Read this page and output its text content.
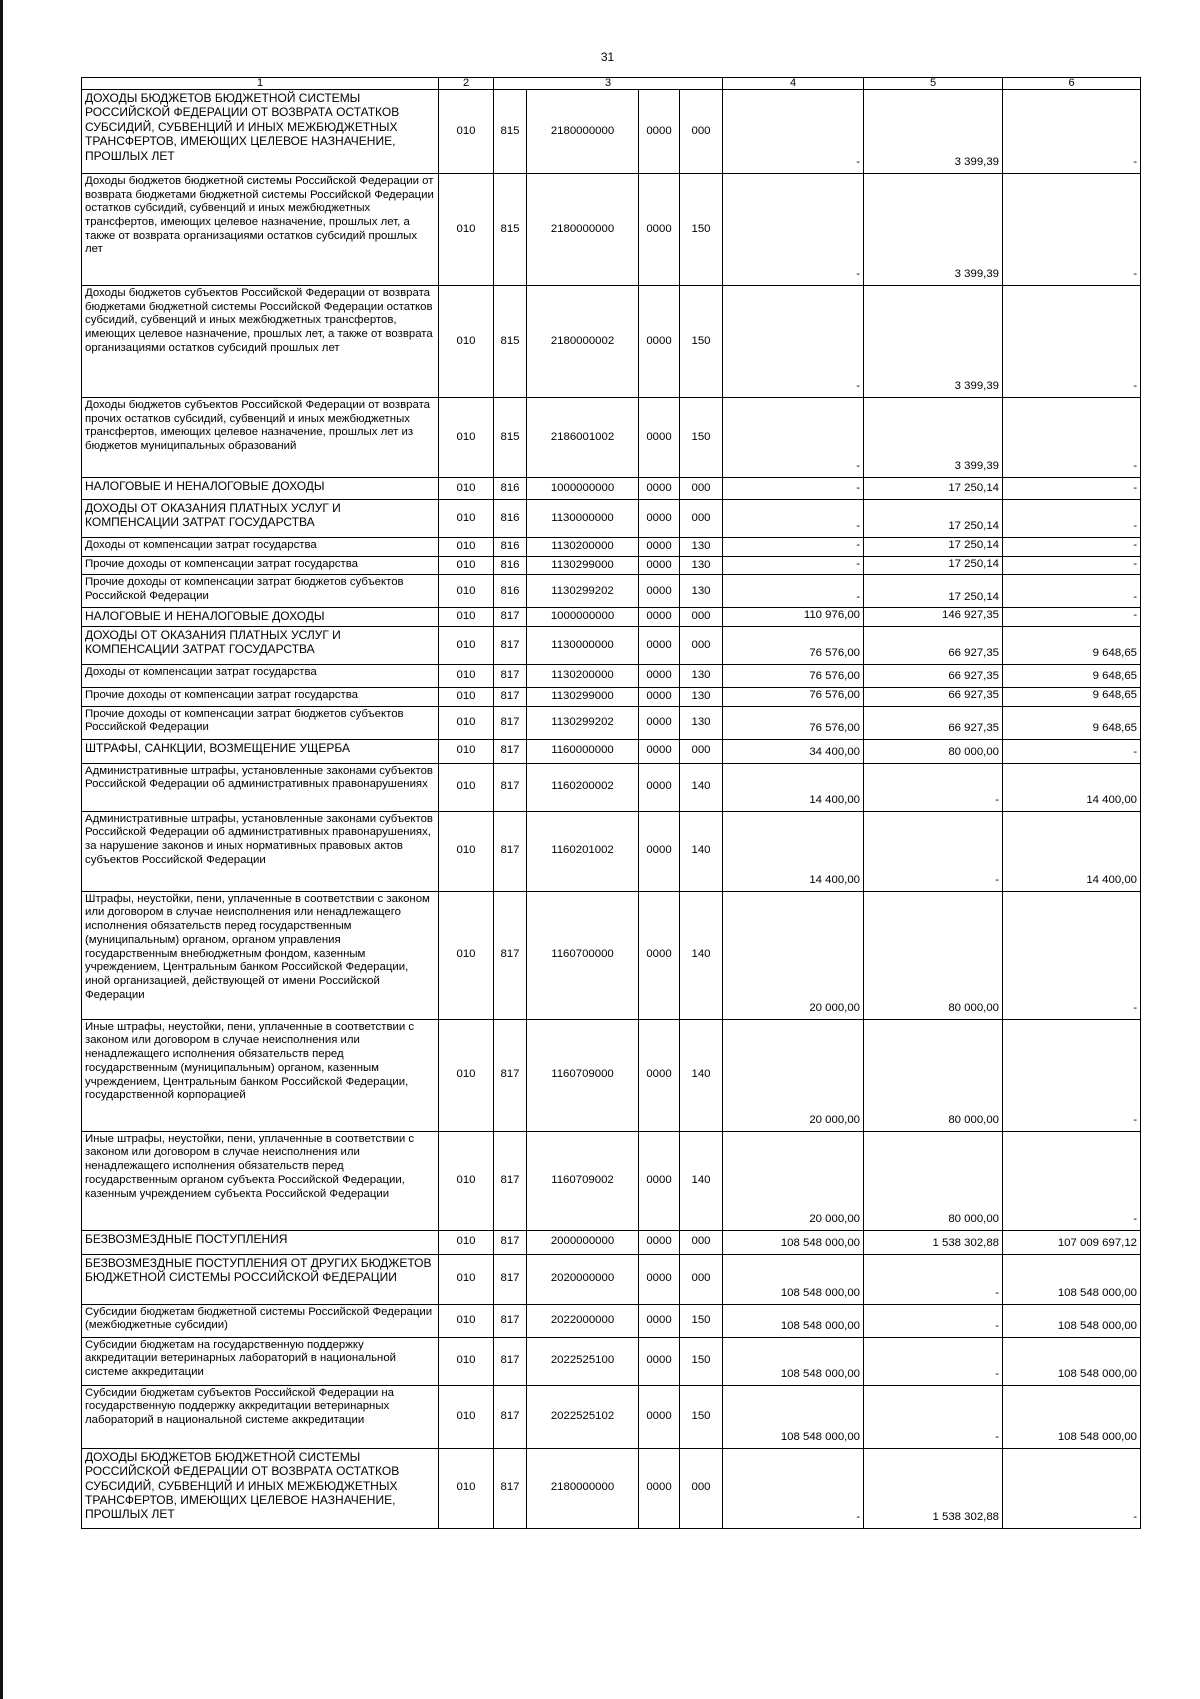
31
1	2	3				4	5	6
ДОХОДЫ БЮДЖЕТОВ БЮДЖЕТНОЙ СИСТЕМЫ РОССИЙСКОЙ ФЕДЕРАЦИИ ОТ ВОЗВРАТА ОСТАТКОВ СУБСИДИЙ, СУБВЕНЦИЙ И ИНЫХ МЕЖБЮДЖЕТНЫХ ТРАНСФЕРТОВ, ИМЕЮЩИХ ЦЕЛЕВОЕ НАЗНАЧЕНИЕ, ПРОШЛЫХ ЛЕТ	010	815	2180000000	0000	000	-	3 399,39	-
Доходы бюджетов бюджетной системы Российской Федерации от возврата бюджетами бюджетной системы Российской Федерации остатков субсидий, субвенций и иных межбюджетных трансфертов, имеющих целевое назначение, прошлых лет, а также от возврата организациями остатков субсидий прошлых лет	010	815	2180000000	0000	150	-	3 399,39	-
Доходы бюджетов субъектов Российской Федерации от возврата бюджетами бюджетной системы Российской Федерации остатков субсидий, субвенций и иных межбюджетных трансфертов, имеющих целевое назначение, прошлых лет, а также от возврата организациями остатков субсидий прошлых лет	010	815	2180000002	0000	150	-	3 399,39	-
Доходы бюджетов субъектов Российской Федерации от возврата прочих остатков субсидий, субвенций и иных межбюджетных трансфертов, имеющих целевое назначение, прошлых лет из бюджетов муниципальных образований	010	815	2186001002	0000	150	-	3 399,39	-
НАЛОГОВЫЕ И НЕНАЛОГОВЫЕ ДОХОДЫ	010	816	1000000000	0000	000	-	17 250,14	-
ДОХОДЫ ОТ ОКАЗАНИЯ ПЛАТНЫХ УСЛУГ И КОМПЕНСАЦИИ ЗАТРАТ ГОСУДАРСТВА	010	816	1130000000	0000	000	-	17 250,14	-
Доходы от компенсации затрат государства	010	816	1130200000	0000	130	-	17 250,14	-
Прочие доходы от компенсации затрат государства	010	816	1130299000	0000	130	-	17 250,14	-
Прочие доходы от компенсации затрат бюджетов субъектов Российской Федерации	010	816	1130299202	0000	130	-	17 250,14	-
НАЛОГОВЫЕ И НЕНАЛОГОВЫЕ ДОХОДЫ	010	817	1000000000	0000	000	110 976,00	146 927,35	-
ДОХОДЫ ОТ ОКАЗАНИЯ ПЛАТНЫХ УСЛУГ И КОМПЕНСАЦИИ ЗАТРАТ ГОСУДАРСТВА	010	817	1130000000	0000	000	76 576,00	66 927,35	9 648,65
Доходы от компенсации затрат государства	010	817	1130200000	0000	130	76 576,00	66 927,35	9 648,65
Прочие доходы от компенсации затрат государства	010	817	1130299000	0000	130	76 576,00	66 927,35	9 648,65
Прочие доходы от компенсации затрат бюджетов субъектов Российской Федерации	010	817	1130299202	0000	130	76 576,00	66 927,35	9 648,65
ШТРАФЫ, САНКЦИИ, ВОЗМЕЩЕНИЕ УЩЕРБА	010	817	1160000000	0000	000	34 400,00	80 000,00	-
Административные штрафы, установленные законами субъектов Российской Федерации об административных правонарушениях	010	817	1160200002	0000	140	14 400,00	-	14 400,00
Административные штрафы, установленные законами субъектов Российской Федерации об административных правонарушениях, за нарушение законов и иных нормативных правовых актов субъектов Российской Федерации	010	817	1160201002	0000	140	14 400,00	-	14 400,00
Штрафы, неустойки, пени, уплаченные в соответствии с законом или договором в случае неисполнения или ненадлежащего исполнения обязательств перед государственным (муниципальным) органом, органом управления государственным внебюджетным фондом, казенным учреждением, Центральным банком Российской Федерации, иной организацией, действующей от имени Российской Федерации	010	817	1160700000	0000	140	20 000,00	80 000,00	-
Иные штрафы, неустойки, пени, уплаченные в соответствии с законом или договором в случае неисполнения или ненадлежащего исполнения обязательств перед государственным (муниципальным) органом, казенным учреждением, Центральным банком Российской Федерации, государственной корпорацией	010	817	1160709000	0000	140	20 000,00	80 000,00	-
Иные штрафы, неустойки, пени, уплаченные в соответствии с законом или договором в случае неисполнения или ненадлежащего исполнения обязательств перед государственным органом субъекта Российской Федерации, казенным учреждением субъекта Российской Федерации	010	817	1160709002	0000	140	20 000,00	80 000,00	-
БЕЗВОЗМЕЗДНЫЕ ПОСТУПЛЕНИЯ	010	817	2000000000	0000	000	108 548 000,00	1 538 302,88	107 009 697,12
БЕЗВОЗМЕЗДНЫЕ ПОСТУПЛЕНИЯ ОТ ДРУГИХ БЮДЖЕТОВ БЮДЖЕТНОЙ СИСТЕМЫ РОССИЙСКОЙ ФЕДЕРАЦИИ	010	817	2020000000	0000	000	108 548 000,00	-	108 548 000,00
Субсидии бюджетам бюджетной системы Российской Федерации (межбюджетные субсидии)	010	817	2022000000	0000	150	108 548 000,00	-	108 548 000,00
Субсидии бюджетам на государственную поддержку аккредитации ветеринарных лабораторий в национальной системе аккредитации	010	817	2022525100	0000	150	108 548 000,00	-	108 548 000,00
Субсидии бюджетам субъектов Российской Федерации на государственную поддержку аккредитации ветеринарных лабораторий в национальной системе аккредитации	010	817	2022525102	0000	150	108 548 000,00	-	108 548 000,00
ДОХОДЫ БЮДЖЕТОВ БЮДЖЕТНОЙ СИСТЕМЫ РОССИЙСКОЙ ФЕДЕРАЦИИ ОТ ВОЗВРАТА ОСТАТКОВ СУБСИДИЙ, СУБВЕНЦИЙ И ИНЫХ МЕЖБЮДЖЕТНЫХ ТРАНСФЕРТОВ, ИМЕЮЩИХ ЦЕЛЕВОЕ НАЗНАЧЕНИЕ, ПРОШЛЫХ ЛЕТ	010	817	2180000000	0000	000	-	1 538 302,88	-
